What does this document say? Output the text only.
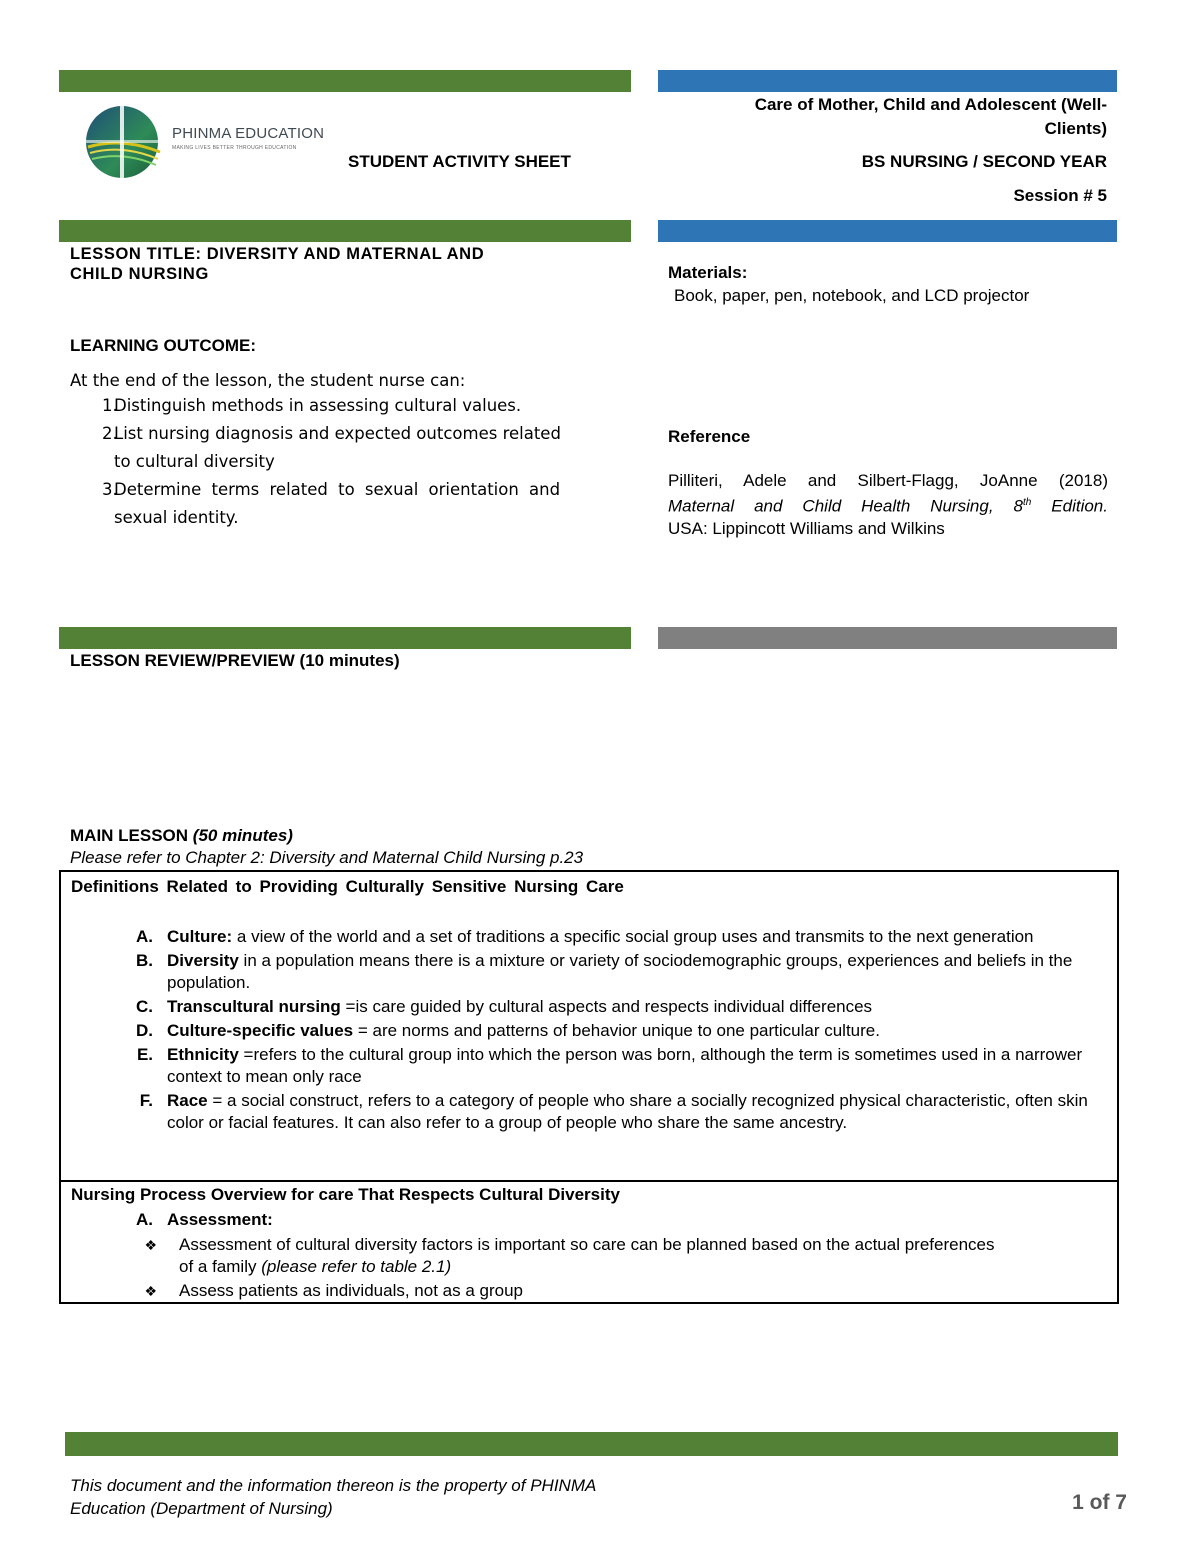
PHINMA EDUCATION
MAKING LIVES BETTER THROUGH EDUCATION
STUDENT ACTIVITY SHEET
Care of Mother, Child and Adolescent (Well-
Clients)
BS NURSING / SECOND YEAR
Session # 5
LESSON TITLE: DIVERSITY AND MATERNAL AND
CHILD NURSING
LEARNING OUTCOME:
At the end of the lesson, the student nurse can:
1.
Distinguish methods in assessing cultural values.
2.
List nursing diagnosis and expected outcomes related
to cultural diversity
3.
Determine terms related to sexual orientation and
sexual identity.
Materials:
Book, paper, pen, notebook, and LCD projector
Reference
Pilliteri, Adele and Silbert-Flagg, JoAnne (2018)
Maternal and Child Health Nursing, 8th Edition.
USA: Lippincott Williams and Wilkins
LESSON REVIEW/PREVIEW (10 minutes)
MAIN LESSON (50 minutes)
Please refer to Chapter 2: Diversity and Maternal Child Nursing p.23
Definitions Related to Providing Culturally Sensitive Nursing Care
A. Culture: a view of the world and a set of traditions a specific social group uses and transmits to the next generation
B. Diversity in a population means there is a mixture or variety of sociodemographic groups, experiences and beliefs in the population.
C. Transcultural nursing =is care guided by cultural aspects and respects individual differences
D. Culture-specific values = are norms and patterns of behavior unique to one particular culture.
E. Ethnicity =refers to the cultural group into which the person was born, although the term is sometimes used in a narrower context to mean only race
F. Race = a social construct, refers to a category of people who share a socially recognized physical characteristic, often skin color or facial features. It can also refer to a group of people who share the same ancestry.
Nursing Process Overview for care That Respects Cultural Diversity
A. Assessment:
❖	Assessment of cultural diversity factors is important so care can be planned based on the actual preferences of a family (please refer to table 2.1)
❖	Assess patients as individuals, not as a group
This document and the information thereon is the property of PHINMA
Education (Department of Nursing)	1 of 7
